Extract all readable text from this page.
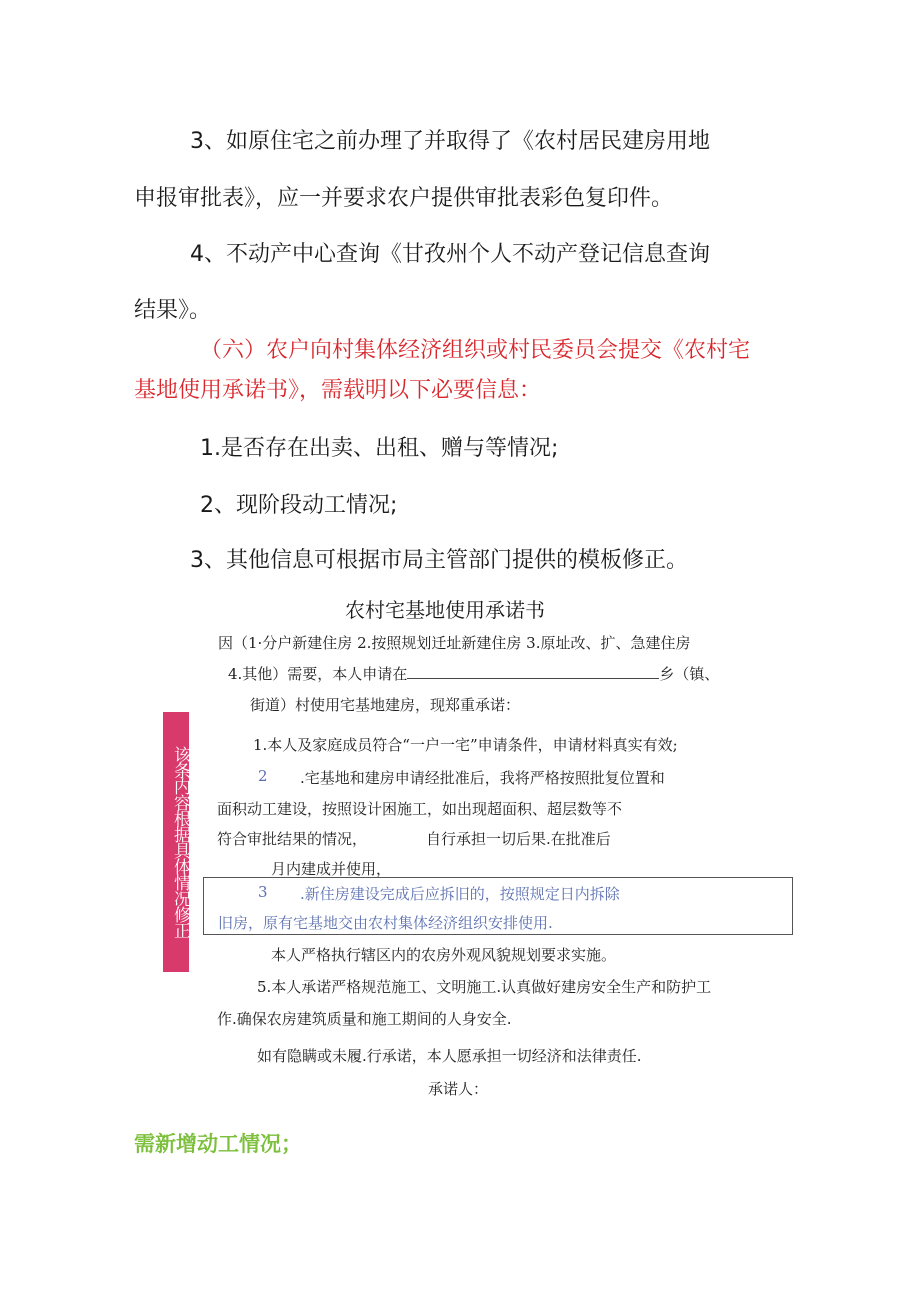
3、如原住宅之前办理了并取得了《农村居民建房用地
申报审批表》，应一并要求农户提供审批表彩色复印件。
4、不动产中心查询《甘孜州个人不动产登记信息查询
结果》。
（六）农户向村集体经济组织或村民委员会提交《农村宅
基地使用承诺书》，需载明以下必要信息：
1.是否存在出卖、出租、赠与等情况;
2、现阶段动工情况;
3、其他信息可根据市局主管部门提供的模板修正。
农村宅基地使用承诺书
因（1·分户新建住房 2.按照规划迁址新建住房 3.原址改、扩、急建住房
4.其他）需要，本人申请在	乡（镇、
街道）村使用宅基地建房，现郑重承诺：
该条内容根据具体情况修正
1.本人及家庭成员符合“一户一宅”申请条件，申请材料真实有效;
2 .宅基地和建房申请经批准后，我将严格按照批复位置和
面积动工建设，按照设计困施工，如出现超面积、超层数等不
符合审批结果的情况，	自行承担一切后果.在批准后
月内建成并使用，
3 .新住房建设完成后应拆旧的，按照规定日内拆除
旧房，原有宅基地交由农村集体经济组织安排使用.
本人严格执行辖区内的农房外观风貌规划要求实施。
5.本人承诺严格规范施工、文明施工.认真做好建房安全生产和防护工
作.确保农房建筑质量和施工期间的人身安全.
如有隐瞒或未履.行承诺，本人愿承担一切经济和法律责任.
承诺人：
需新增动工情况；
